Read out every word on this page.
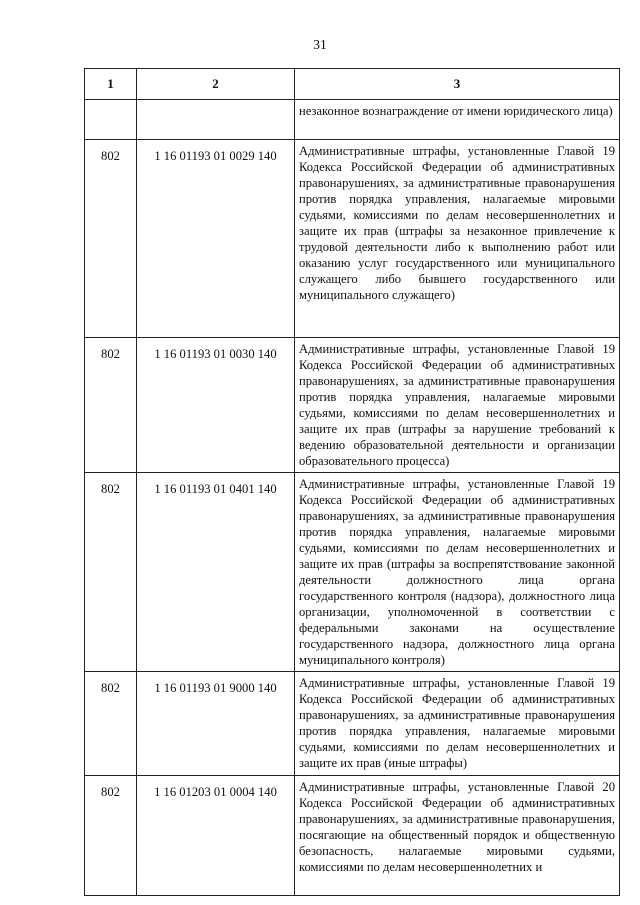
31
1	2	3
		незаконное вознаграждение от имени юридического лица)
802	1 16 01193 01 0029 140	Административные штрафы, установленные Главой 19 Кодекса Российской Федерации об административных правонарушениях, за административные правонарушения против порядка управления, налагаемые мировыми судьями, комиссиями по делам несовершеннолетних и защите их прав (штрафы за незаконное привлечение к трудовой деятельности либо к выполнению работ или оказанию услуг государственного или муниципального служащего либо бывшего государственного или муниципального служащего)
802	1 16 01193 01 0030 140	Административные штрафы, установленные Главой 19 Кодекса Российской Федерации об административных правонарушениях, за административные правонарушения против порядка управления, налагаемые мировыми судьями, комиссиями по делам несовершеннолетних и защите их прав (штрафы за нарушение требований к ведению образовательной деятельности и организации образовательного процесса)
802	1 16 01193 01 0401 140	Административные штрафы, установленные Главой 19 Кодекса Российской Федерации об административных правонарушениях, за административные правонарушения против порядка управления, налагаемые мировыми судьями, комиссиями по делам несовершеннолетних и защите их прав (штрафы за воспрепятствование законной деятельности должностного лица органа государственного контроля (надзора), должностного лица организации, уполномоченной в соответствии с федеральными законами на осуществление государственного надзора, должностного лица органа муниципального контроля)
802	1 16 01193 01 9000 140	Административные штрафы, установленные Главой 19 Кодекса Российской Федерации об административных правонарушениях, за административные правонарушения против порядка управления, налагаемые мировыми судьями, комиссиями по делам несовершеннолетних и защите их прав (иные штрафы)
802	1 16 01203 01 0004 140	Административные штрафы, установленные Главой 20 Кодекса Российской Федерации об административных правонарушениях, за административные правонарушения, посягающие на общественный порядок и общественную безопасность, налагаемые мировыми судьями, комиссиями по делам несовершеннолетних и
